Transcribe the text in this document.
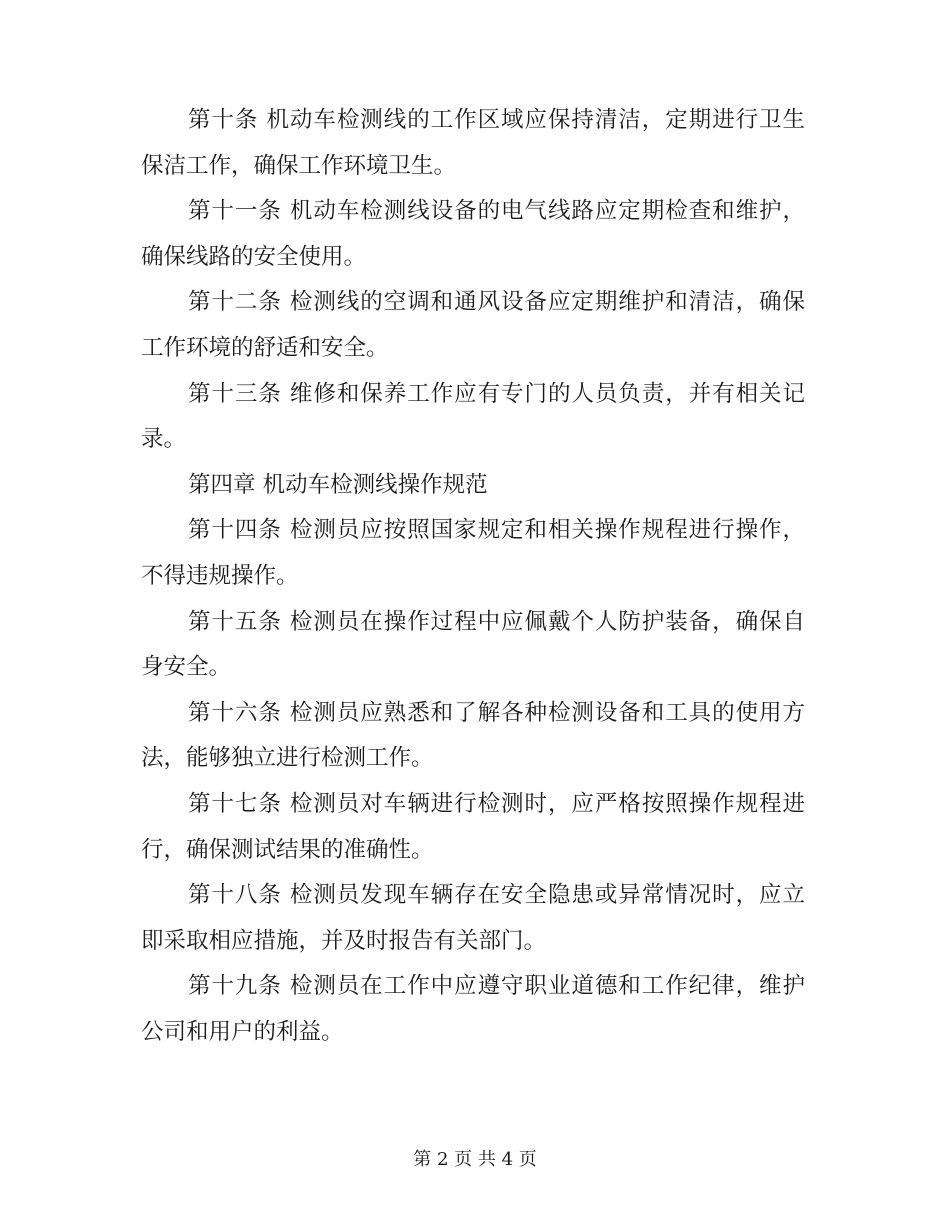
第十条 机动车检测线的工作区域应保持清洁，定期进行卫生
保洁工作，确保工作环境卫生。
第十一条 机动车检测线设备的电气线路应定期检查和维护，
确保线路的安全使用。
第十二条 检测线的空调和通风设备应定期维护和清洁，确保
工作环境的舒适和安全。
第十三条 维修和保养工作应有专门的人员负责，并有相关记
录。
第四章 机动车检测线操作规范
第十四条 检测员应按照国家规定和相关操作规程进行操作，
不得违规操作。
第十五条 检测员在操作过程中应佩戴个人防护装备，确保自
身安全。
第十六条 检测员应熟悉和了解各种检测设备和工具的使用方
法，能够独立进行检测工作。
第十七条 检测员对车辆进行检测时，应严格按照操作规程进
行，确保测试结果的准确性。
第十八条 检测员发现车辆存在安全隐患或异常情况时，应立
即采取相应措施，并及时报告有关部门。
第十九条 检测员在工作中应遵守职业道德和工作纪律，维护
公司和用户的利益。
第 2 页 共 4 页
